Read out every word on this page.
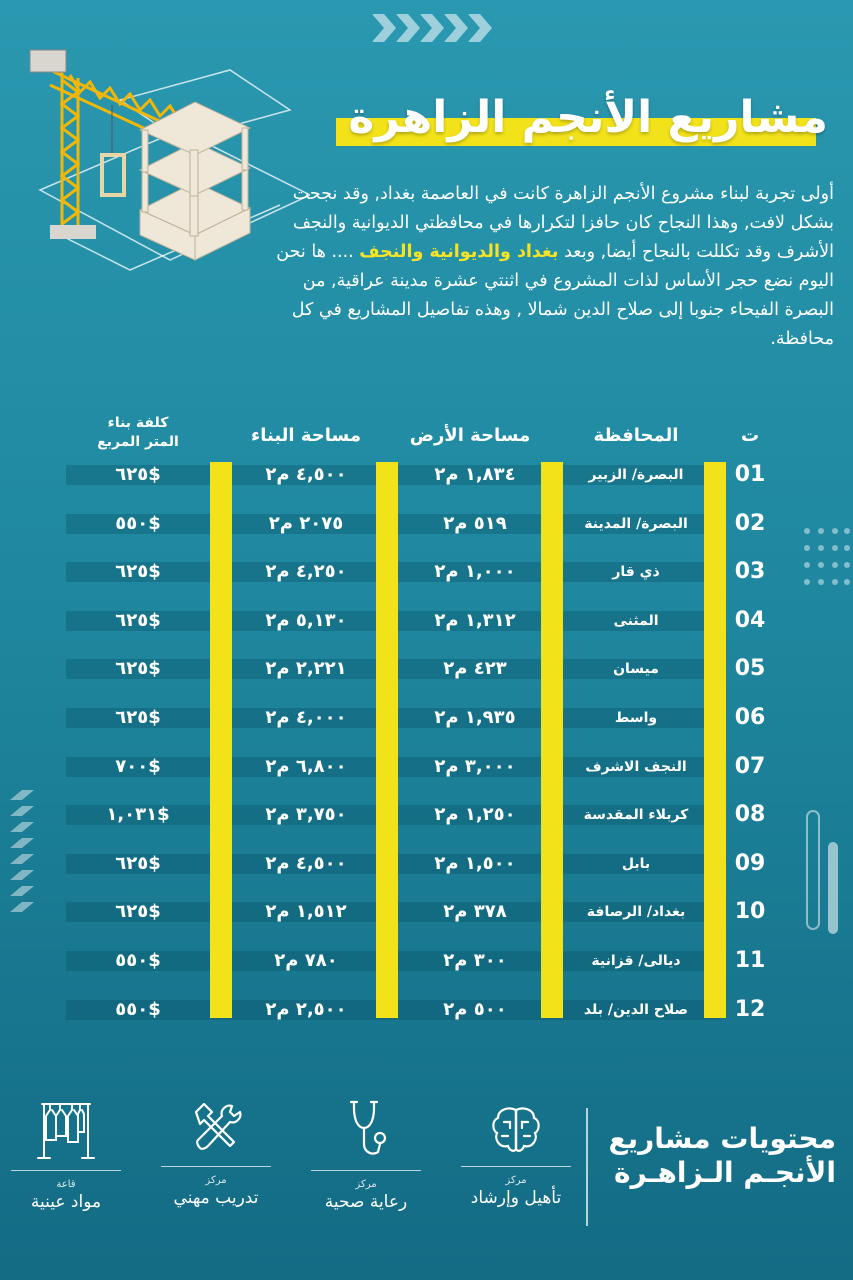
مشاريع الأنجم الزاهرة

أولى تجربة لبناء مشروع الأنجم الزاهرة كانت في العاصمة بغداد, وقد نجحت بشكل لافت, وهذا النجاح كان حافزا لتكرارها في محافظتي الديوانية والنجف الأشرف وقد تكللت بالنجاح أيضا, وبعد بغداد والديوانية والنجف .... ها نحن اليوم نضع حجر الأساس لذات المشروع في اثنتي عشرة مدينة عراقية, من البصرة الفيحاء جنوبا إلى صلاح الدين شمالا , وهذه تفاصيل المشاريع في كل محافظة.

ت
المحافظة
مساحة الأرض
مساحة البناء
كلفة بناء
المتر المربع
01
البصرة/ الزبير
١,٨٣٤ م٢
٤,٥٠٠ م٢
$٦٢٥
02
البصرة/ المدينة
٥١٩ م٢
٢٠٧٥ م٢
$٥٥٠
03
ذي قار
١,٠٠٠ م٢
٤,٢٥٠ م٢
$٦٢٥
04
المثنى
١,٣١٢ م٢
٥,١٣٠ م٢
$٦٢٥
05
ميسان
٤٢٣ م٢
٢,٢٢١ م٢
$٦٢٥
06
واسط
١,٩٣٥ م٢
٤,٠٠٠ م٢
$٦٢٥
07
النجف الاشرف
٣,٠٠٠ م٢
٦,٨٠٠ م٢
$٧٠٠
08
كربلاء المقدسة
١,٢٥٠ م٢
٣,٧٥٠ م٢
$١,٠٣١
09
بابل
١,٥٠٠ م٢
٤,٥٠٠ م٢
$٦٢٥
10
بغداد/ الرصافة
٣٧٨ م٢
١,٥١٢ م٢
$٦٢٥
11
ديالى/ قزانية
٣٠٠ م٢
٧٨٠ م٢
$٥٥٠
12
صلاح الدين/ بلد
٥٠٠ م٢
٢,٥٠٠ م٢
$٥٥٠
محتويات مشاريع
الأنجـم الـزاهـرة
مركز
تأهيل وإرشاد
مركز
رعاية صحية
مركز
تدريب مهني
قاعة
مواد عينية
